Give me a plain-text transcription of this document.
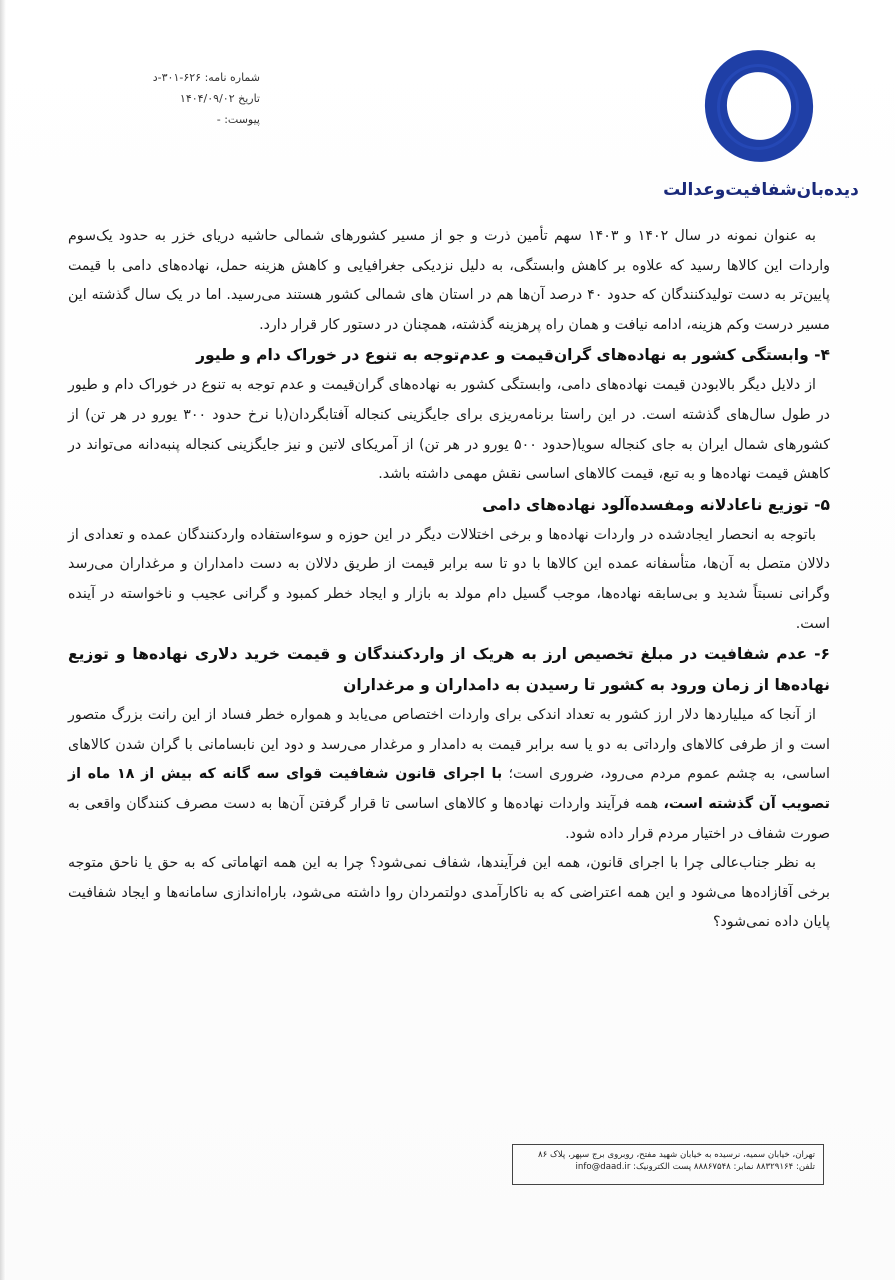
شماره نامه: ۶۲۶-۳۰۱-د
تاریخ ۱۴۰۴/۰۹/۰۲
پیوست: -
دیده‌بان‌شفافیت‌وعدالت

به عنوان نمونه در سال ۱۴۰۲ و ۱۴۰۳ سهم تأمین ذرت و جو از مسیر کشورهای شمالی حاشیه دریای خزر به حدود یک‌سوم واردات این کالاها رسید که علاوه بر کاهش وابستگی، به دلیل نزدیکی جغرافیایی و کاهش هزینه حمل، نهاده‌های دامی با قیمت پایین‌تر به دست تولیدکنندگان که حدود ۴۰ درصد آن‌ها هم در استان های شمالی کشور هستند می‌رسید. اما در یک سال گذشته این مسیر درست وکم هزینه، ادامه نیافت و همان راه پرهزینه گذشته، همچنان در دستور کار قرار دارد.

۴- وابستگی کشور به نهاده‌های گران‌قیمت و عدم‌توجه به تنوع در خوراک دام و طیور

از دلایل دیگر بالابودن قیمت نهاده‌های دامی، وابستگی کشور به نهاده‌های گران‌قیمت و عدم توجه به تنوع در خوراک دام و طیور در طول سال‌های گذشته است. در این راستا برنامه‌ریزی برای جایگزینی کنجاله آفتابگردان(با نرخ حدود ۳۰۰ یورو در هر تن) از کشورهای شمال ایران به جای کنجاله سویا(حدود ۵۰۰ یورو در هر تن) از آمریکای لاتین و نیز جایگزینی کنجاله پنبه‌دانه می‌تواند در کاهش قیمت نهاده‌ها و به تبع، قیمت کالاهای اساسی نقش مهمی داشته باشد.

۵- توزیع ناعادلانه ومفسده‌آلود نهاده‌های دامی

باتوجه به انحصار ایجادشده در واردات نهاده‌ها و برخی اختلالات دیگر در این حوزه و سوءاستفاده واردکنندگان عمده و تعدادی از دلالان متصل به آن‌ها، متأسفانه عمده این کالاها با دو تا سه برابر قیمت از طریق دلالان به دست دامداران و مرغداران می‌رسد وگرانی نسبتاً شدید و بی‌سابقه نهاده‌ها، موجب گسیل دام مولد به بازار و ایجاد خطر کمبود و گرانی عجیب و ناخواسته در آینده است.

۶- عدم شفافیت در مبلغ تخصیص ارز به هریک از واردکنندگان و قیمت خرید دلاری نهاده‌ها و توزیع نهاده‌ها از زمان ورود به کشور تا رسیدن به دامداران و مرغداران

از آنجا که میلیاردها دلار ارز کشور به تعداد اندکی برای واردات اختصاص می‌یابد و همواره خطر فساد از این رانت بزرگ متصور است و از طرفی کالاهای وارداتی به دو یا سه برابر قیمت به دامدار و مرغدار می‌رسد و دود این نابسامانی با گران شدن کالاهای اساسی، به چشم عموم مردم می‌رود، ضروری است؛ با اجرای قانون شفافیت قوای سه گانه که بیش از ۱۸ ماه از تصویب آن گذشته است، همه فرآیند واردات نهاده‌ها و کالاهای اساسی تا قرار گرفتن آن‌ها به دست مصرف کنندگان واقعی به صورت شفاف در اختیار مردم قرار داده شود.

به نظر جناب‌عالی چرا با اجرای قانون، همه این فرآیندها، شفاف نمی‌شود؟ چرا به این همه اتهاماتی که به حق یا ناحق متوجه برخی آقازاده‌ها می‌شود و این همه اعتراضی که به ناکارآمدی دولتمردان روا داشته می‌شود، باراه‌اندازی سامانه‌ها و ایجاد شفافیت پایان داده نمی‌شود؟

تهران، خیابان سمیه، نرسیده به خیابان شهید مفتح، روبروی برج سپهر، پلاک ۸۶
تلفن: ۸۸۳۲۹۱۶۴ نمابر: ۸۸۸۶۷۵۴۸ پست الکترونیک: info@daad.ir
